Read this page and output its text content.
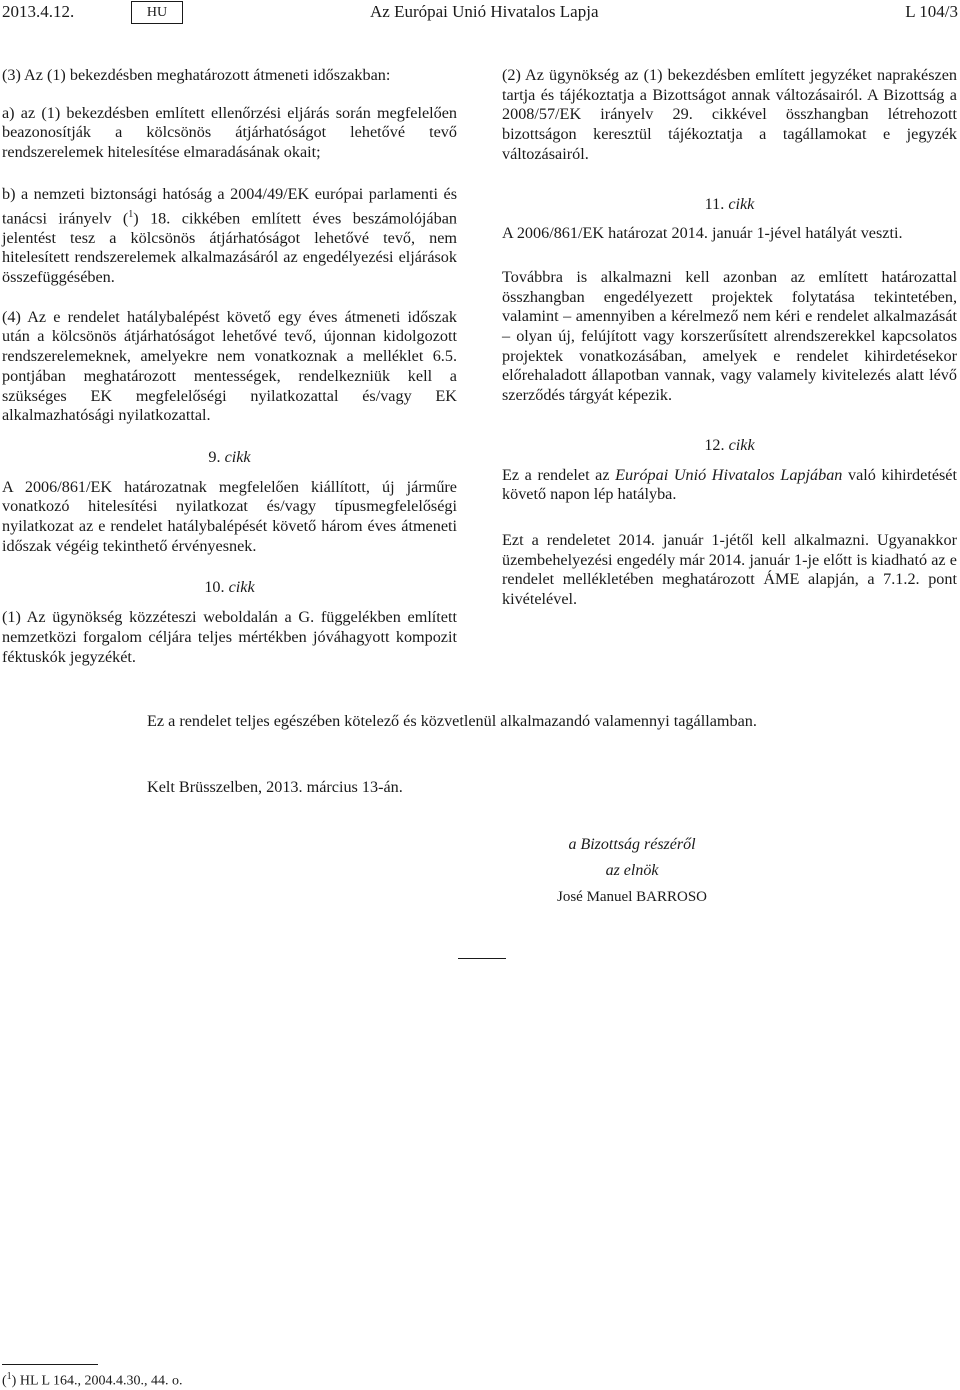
2013.4.12.	HU	Az Európai Unió Hivatalos Lapja	L 104/3

(3) Az (1) bekezdésben meghatározott átmeneti időszakban:

a) az (1) bekezdésben említett ellenőrzési eljárás során megfelelően beazonosítják a kölcsönös átjárhatóságot lehetővé tevő rendszerelemek hitelesítése elmaradásának okait;

b) a nemzeti biztonsági hatóság a 2004/49/EK európai parlamenti és tanácsi irányelv ($^1$) 18. cikkében említett éves beszámolójában jelentést tesz a kölcsönös átjárhatóságot lehetővé tevő, nem hitelesített rendszerelemek alkalmazásáról az engedélyezési eljárások összefüggésében.

(4) Az e rendelet hatálybalépést követő egy éves átmeneti időszak után a kölcsönös átjárhatóságot lehetővé tevő, újonnan kidolgozott rendszerelemeknek, amelyekre nem vonatkoznak a melléklet 6.5. pontjában meghatározott mentességek, rendelkezniük kell a szükséges EK megfelelőségi nyilatkozattal és/vagy EK alkalmazhatósági nyilatkozattal.

9. cikk

A 2006/861/EK határozatnak megfelelően kiállított, új járműre vonatkozó hitelesítési nyilatkozat és/vagy típusmegfelelőségi nyilatkozat az e rendelet hatálybalépését követő három éves átmeneti időszak végéig tekinthető érvényesnek.

10. cikk

(1) Az ügynökség közzéteszi weboldalán a G. függelékben említett nemzetközi forgalom céljára teljes mértékben jóváhagyott kompozit féktuskók jegyzékét.

(2) Az ügynökség az (1) bekezdésben említett jegyzéket naprakészen tartja és tájékoztatja a Bizottságot annak változásairól. A Bizottság a 2008/57/EK irányelv 29. cikkével összhangban létrehozott bizottságon keresztül tájékoztatja a tagállamokat e jegyzék változásairól.

11. cikk

A 2006/861/EK határozat 2014. január 1-jével hatályát veszti.

Továbbra is alkalmazni kell azonban az említett határozattal összhangban engedélyezett projektek folytatása tekintetében, valamint – amennyiben a kérelmező nem kéri e rendelet alkalmazását – olyan új, felújított vagy korszerűsített alrendszerekkel kapcsolatos projektek vonatkozásában, amelyek e rendelet kihirdetésekor előrehaladott állapotban vannak, vagy valamely kivitelezés alatt lévő szerződés tárgyát képezik.

12. cikk

Ez a rendelet az Európai Unió Hivatalos Lapjában való kihirdetését követő napon lép hatályba.

Ezt a rendeletet 2014. január 1-jétől kell alkalmazni. Ugyanakkor üzembehelyezési engedély már 2014. január 1-je előtt is kiadható az e rendelet mellékletében meghatározott ÁME alapján, a 7.1.2. pont kivételével.

Ez a rendelet teljes egészében kötelező és közvetlenül alkalmazandó valamennyi tagállamban.
Kelt Brüsszelben, 2013. március 13-án.
a Bizottság részéről
az elnök
José Manuel BARROSO
($^1$) HL L 164., 2004.4.30., 44. o.
